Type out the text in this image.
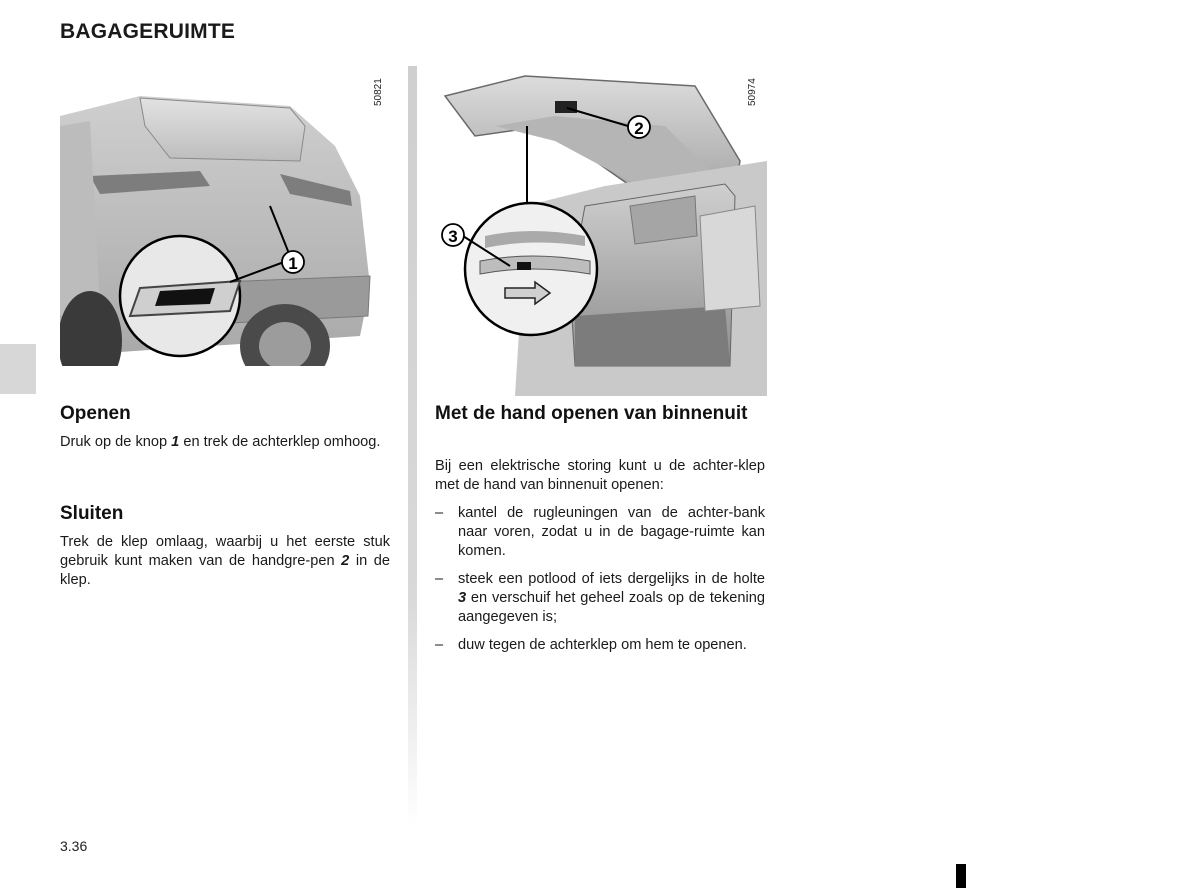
BAGAGERUIMTE
1
50821
2
3
50974
Openen
Druk op de knop 1 en trek de achterklep omhoog.
Sluiten
Trek de klep omlaag, waarbij u het eerste stuk gebruik kunt maken van de handgre-pen 2 in de klep.
Met de hand openen van binnenuit
Bij een elektrische storing kunt u de achter-klep met de hand van binnenuit openen:
– kantel de rugleuningen van de achter-bank naar voren, zodat u in de bagage-ruimte kan komen.
– steek een potlood of iets dergelijks in de holte 3 en verschuif het geheel zoals op de tekening aangegeven is;
– duw tegen de achterklep om hem te openen.
3.36
